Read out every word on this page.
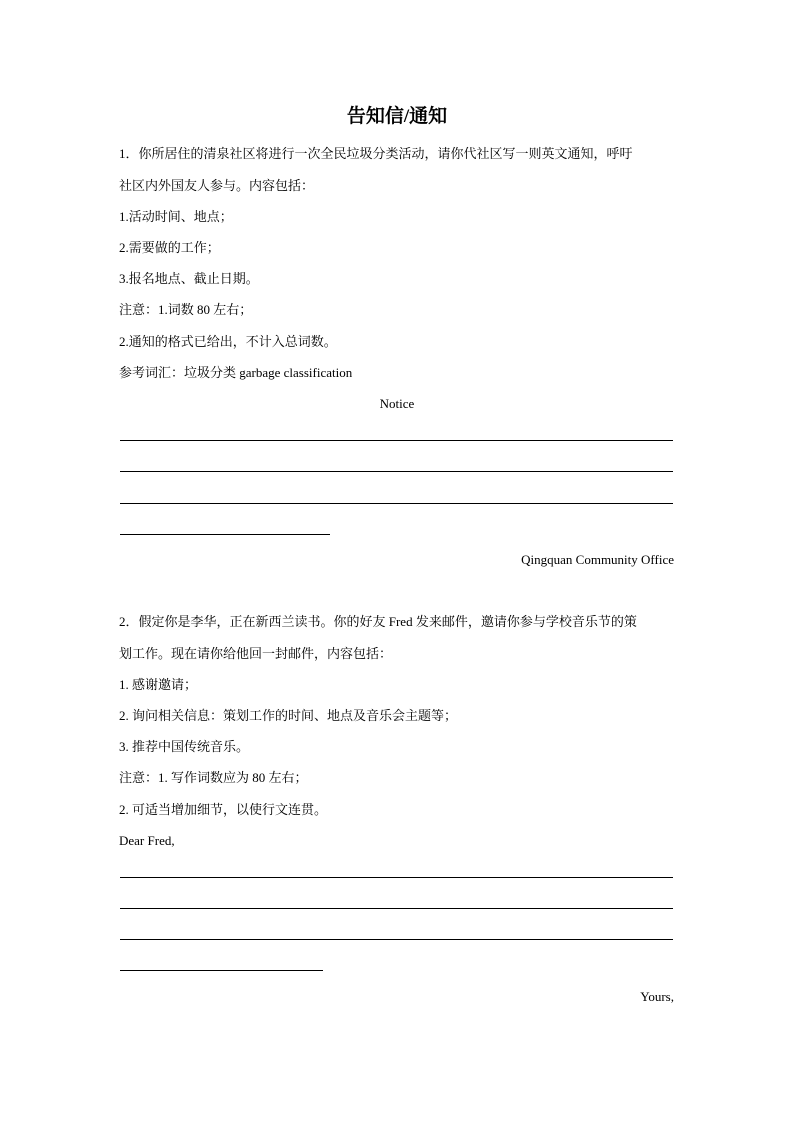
告知信/通知
1．你所居住的清泉社区将进行一次全民垃圾分类活动，请你代社区写一则英文通知，呼吁
社区内外国友人参与。内容包括：
1.活动时间、地点；
2.需要做的工作；
3.报名地点、截止日期。
注意：1.词数 80 左右；
2.通知的格式已给出，不计入总词数。
参考词汇：垃圾分类 garbage classification
Notice
Qingquan Community Office
2．假定你是李华，正在新西兰读书。你的好友 Fred 发来邮件，邀请你参与学校音乐节的策
划工作。现在请你给他回一封邮件，内容包括：
1. 感谢邀请；
2. 询问相关信息：策划工作的时间、地点及音乐会主题等；
3. 推荐中国传统音乐。
注意：1. 写作词数应为 80 左右；
2. 可适当增加细节，以使行文连贯。
Dear Fred,
Yours,
